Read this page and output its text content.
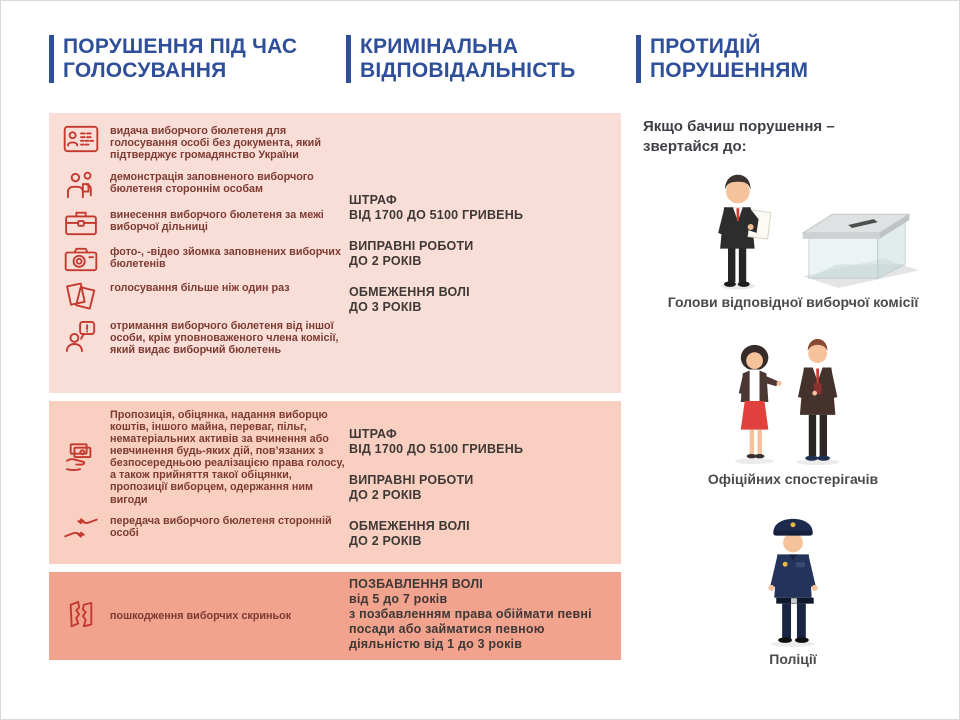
ПОРУШЕННЯ ПІД ЧАС
ГОЛОСУВАННЯ
КРИМІНАЛЬНА
ВІДПОВІДАЛЬНІСТЬ
ПРОТИДІЙ
ПОРУШЕННЯМ

видача виборчого бюлетеня для голосування особі без документа, який підтверджує громадянство України

демонстрація заповненого виборчого бюлетеня стороннім особам

винесення виборчого бюлетеня за межі виборчої дільниці

фото-, -відео зйомка заповнених виборчих бюлетенів

голосування більше ніж один раз

отримання виборчого бюлетеня від іншої особи, крім уповноваженого члена комісії, який видає виборчий бюлетень

ШТРАФ
ВІД 1700 ДО 5100 ГРИВЕНЬ
ВИПРАВНІ РОБОТИ
ДО 2 РОКІВ
ОБМЕЖЕННЯ ВОЛІ
ДО 3 РОКІВ

Пропозиція, обіцянка, надання виборцю коштів, іншого майна, переваг, пільг, нематеріальних активів за вчинення або невчинення будь-яких дій, пов’язаних з безпосередньою реалізацією права голосу, а також прийняття такої обіцянки, пропозиції виборцем, одержання ним вигоди

передача виборчого бюлетеня сторонній особі

ШТРАФ
ВІД 1700 ДО 5100 ГРИВЕНЬ
ВИПРАВНІ РОБОТИ
ДО 2 РОКІВ
ОБМЕЖЕННЯ ВОЛІ
ДО 2 РОКІВ

пошкодження виборчих скриньок

ПОЗБАВЛЕННЯ ВОЛІ
від 5 до 7 років
з позбавленням права обіймати певні посади або займатися певною діяльністю від 1 до 3 років
Якщо бачиш порушення –
звертайся до:
Голови відповідної виборчої комісії
Офіційних спостерігачів
Поліції
